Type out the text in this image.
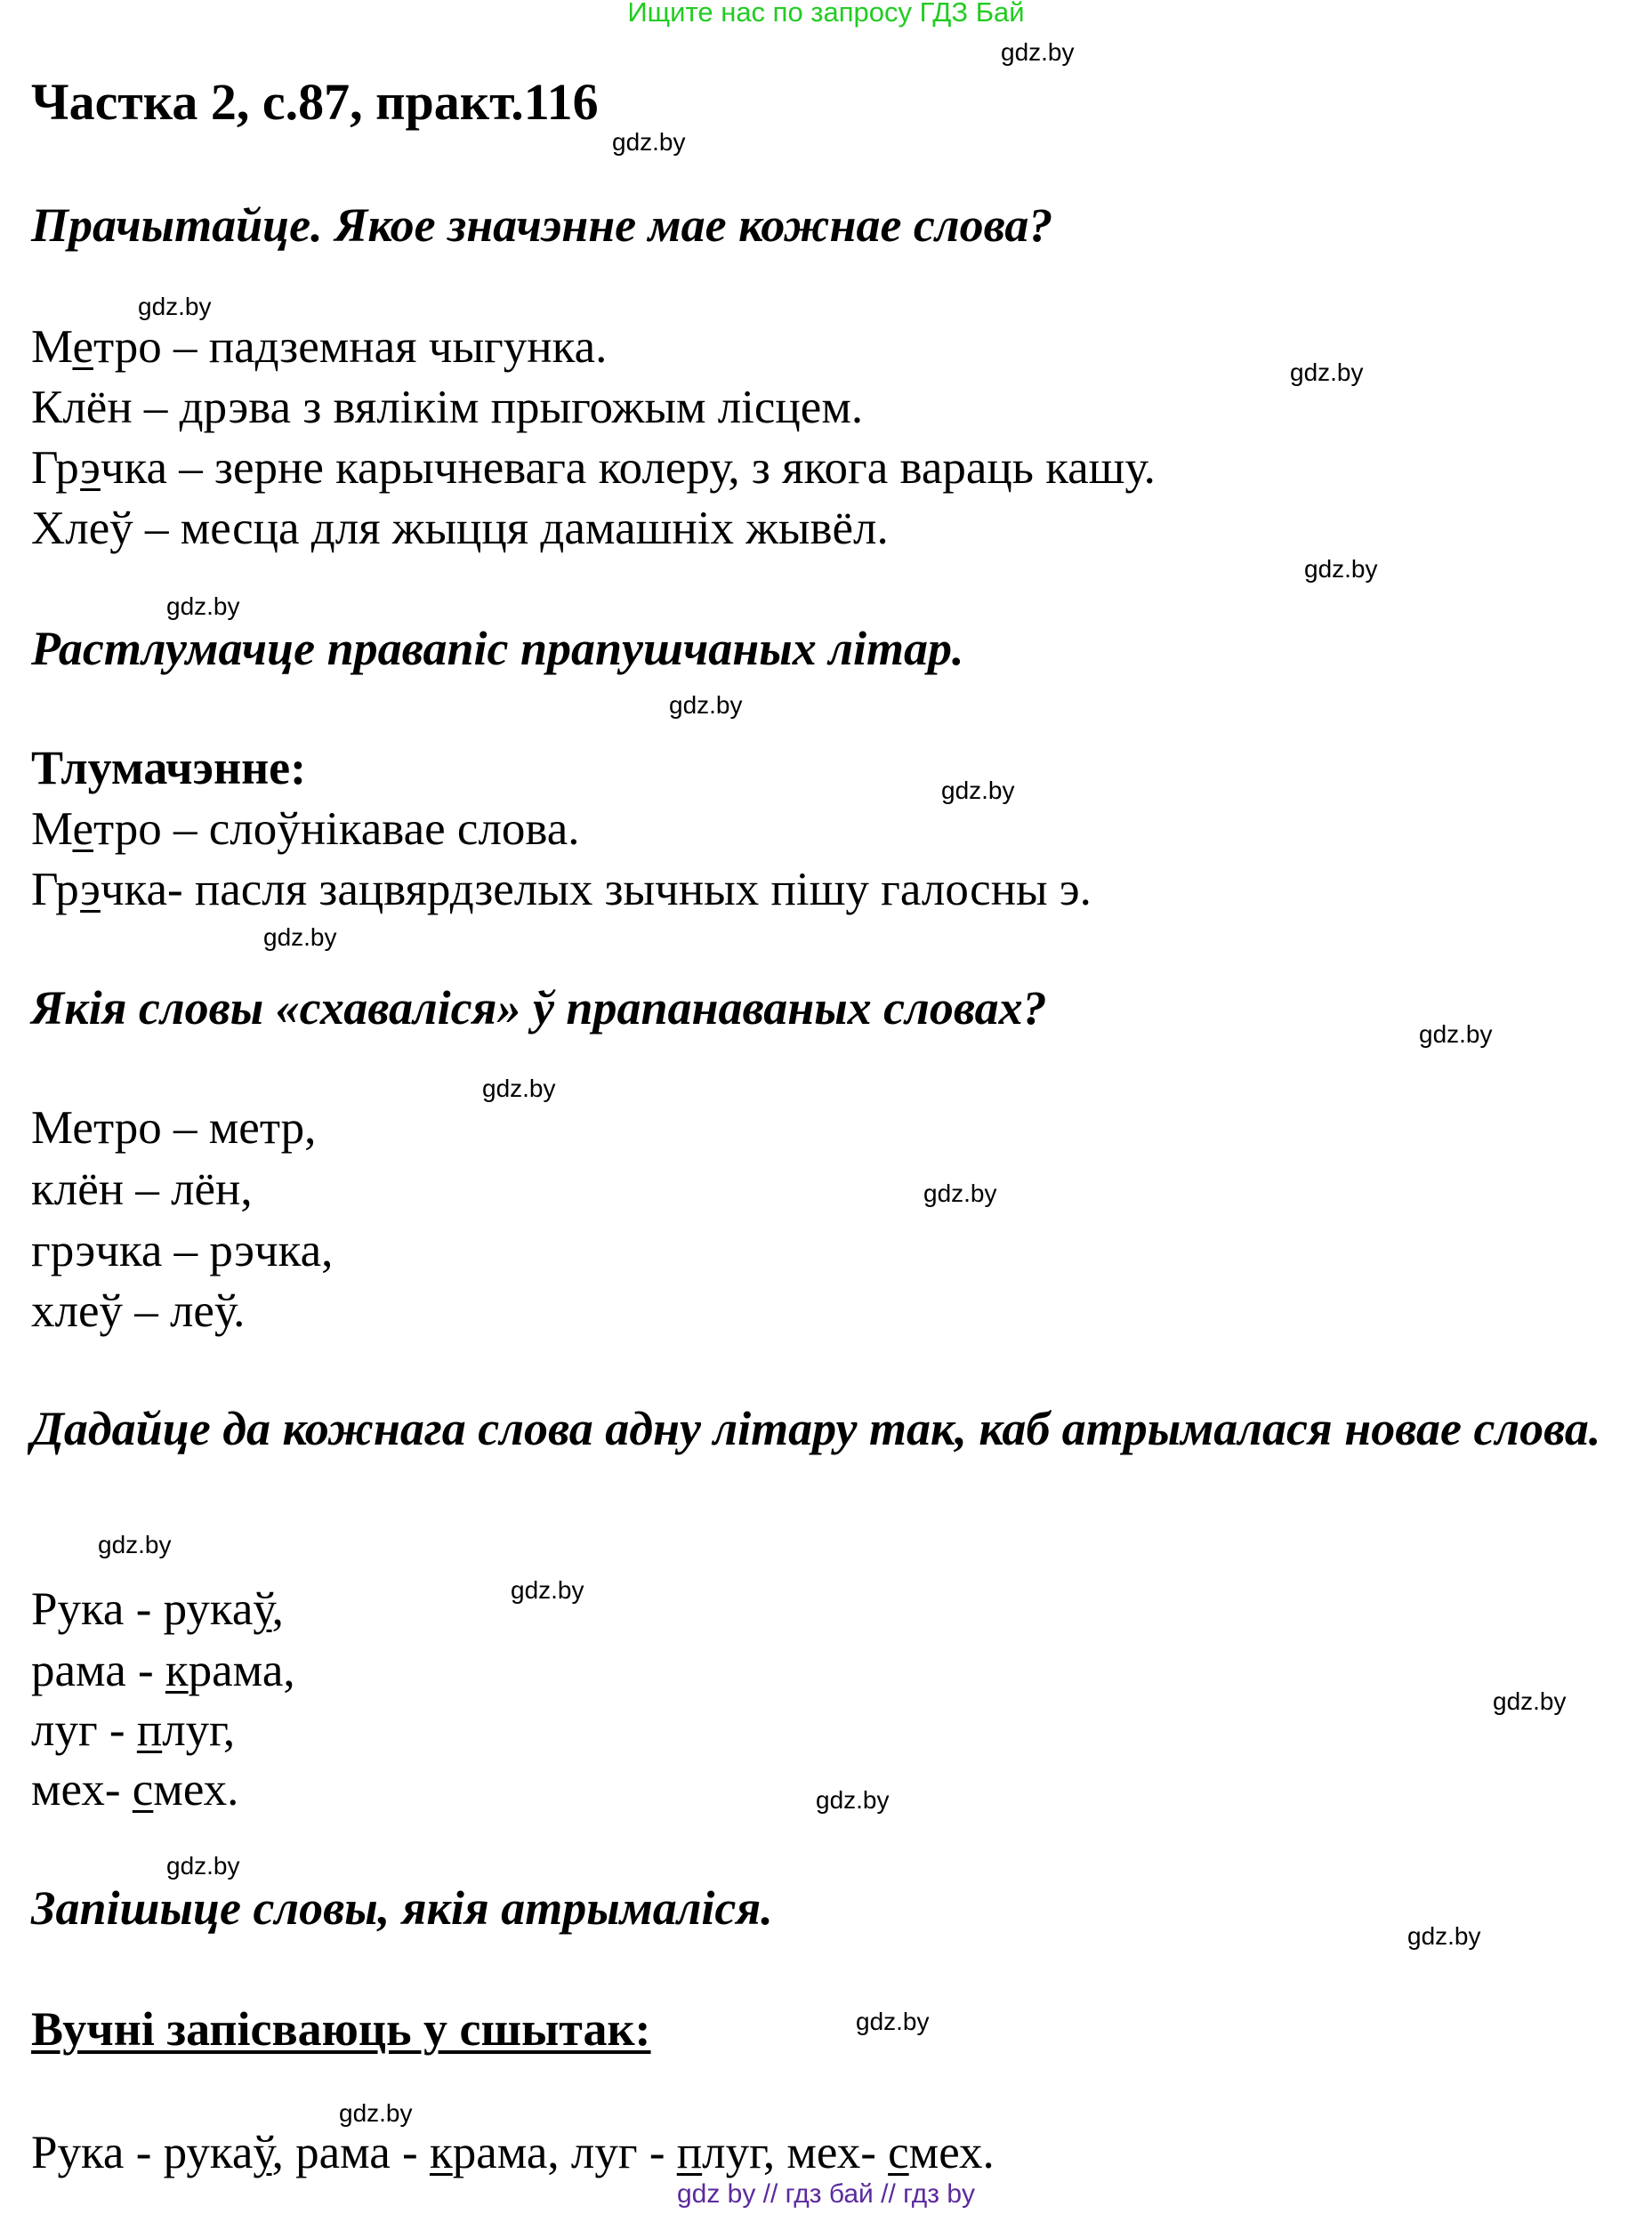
Ищите нас по запросу ГДЗ Бай
Частка 2, с.87, практ.116
Прачытайце. Якое значэнне мае кожнае слова?
Метро – падземная чыгунка.
Клён – дрэва з вялікім прыгожым лісцем.
Грэчка – зерне карычневага колеру, з якога вараць кашу.
Хлеў – месца для жыцця дамашніх жывёл.
Растлумачце правапіс прапушчаных літар.
Тлумачэнне:
Метро – слоўнікавае слова.
Грэчка- пасля зацвярдзелых зычных пішу галосны э.
Якія словы «схаваліся» ў прапанаваных словах?
Метро – метр,
клён – лён,
грэчка – рэчка,
хлеў – леў.
Дадайце да кожнага слова адну літару так, каб атрымалася новае слова.
Рука - рукаў,
рама - крама,
луг - плуг,
мех- смех.
Запішыце словы, якія атрымаліся.
Вучні запісваюць у сшытак:
Рука - рукаў, рама - крама, луг - плуг, мех- смех.
gdz by // гдз бай // гдз by
gdz.by
gdz.by
gdz.by
gdz.by
gdz.by
gdz.by
gdz.by
gdz.by
gdz.by
gdz.by
gdz.by
gdz.by
gdz.by
gdz.by
gdz.by
gdz.by
gdz.by
gdz.by
gdz.by
gdz.by
